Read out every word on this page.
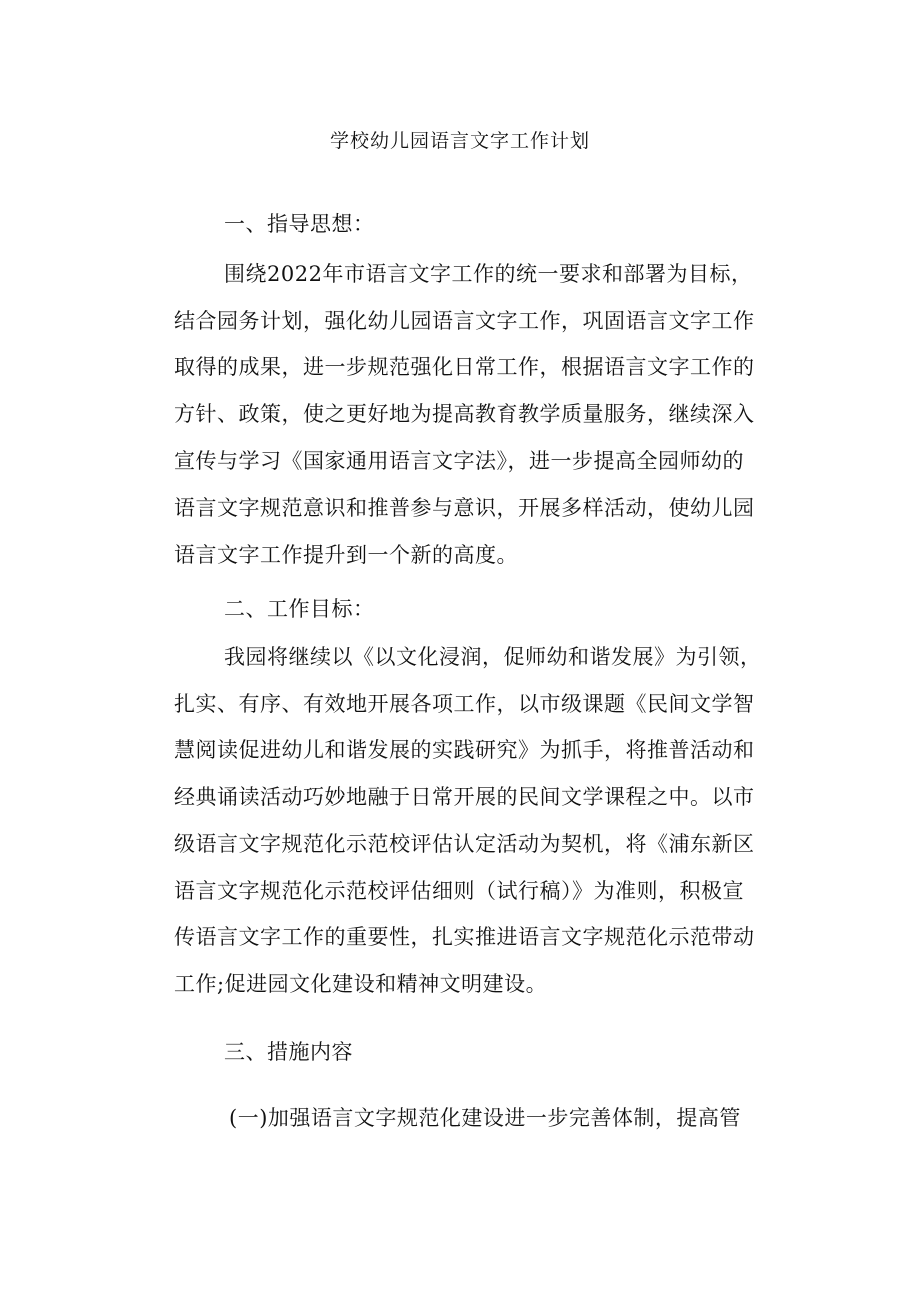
学校幼儿园语言文字工作计划
一、指导思想：
围绕2022年市语言文字工作的统一要求和部署为目标，
结合园务计划，强化幼儿园语言文字工作，巩固语言文字工作
取得的成果，进一步规范强化日常工作，根据语言文字工作的
方针、政策，使之更好地为提高教育教学质量服务，继续深入
宣传与学习《国家通用语言文字法》，进一步提高全园师幼的
语言文字规范意识和推普参与意识，开展多样活动，使幼儿园
语言文字工作提升到一个新的高度。
二、工作目标：
我园将继续以《以文化浸润，促师幼和谐发展》为引领，
扎实、有序、有效地开展各项工作，以市级课题《民间文学智
慧阅读促进幼儿和谐发展的实践研究》为抓手，将推普活动和
经典诵读活动巧妙地融于日常开展的民间文学课程之中。以市
级语言文字规范化示范校评估认定活动为契机，将《浦东新区
语言文字规范化示范校评估细则（试行稿）》为准则，积极宣
传语言文字工作的重要性，扎实推进语言文字规范化示范带动
工作;促进园文化建设和精神文明建设。
三、措施内容
(一)加强语言文字规范化建设进一步完善体制，提高管
